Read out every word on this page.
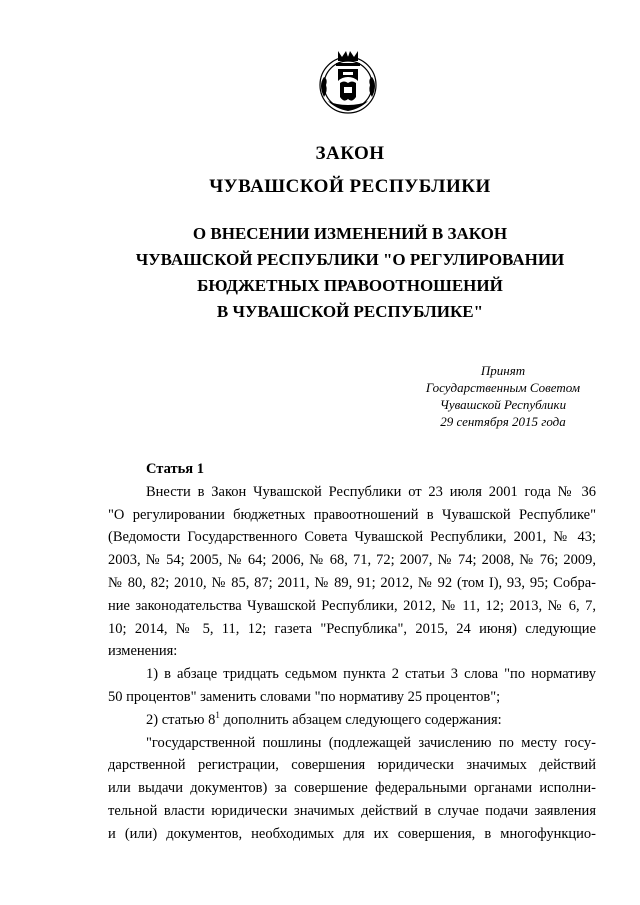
ЗАКОН
ЧУВАШСКОЙ РЕСПУБЛИКИ
О ВНЕСЕНИИ ИЗМЕНЕНИЙ В ЗАКОН
ЧУВАШСКОЙ РЕСПУБЛИКИ "О РЕГУЛИРОВАНИИ
БЮДЖЕТНЫХ ПРАВООТНОШЕНИЙ
В ЧУВАШСКОЙ РЕСПУБЛИКЕ"
Принят
Государственным Советом
Чувашской Республики
29 сентября 2015 года
Статья 1
Внести в Закон Чувашской Республики от 23 июля 2001 года № 36
"О регулировании бюджетных правоотношений в Чувашской Республике"
(Ведомости Государственного Совета Чувашской Республики, 2001, № 43;
2003, № 54; 2005, № 64; 2006, № 68, 71, 72; 2007, № 74; 2008, № 76; 2009,
№ 80, 82; 2010, № 85, 87; 2011, № 89, 91; 2012, № 92 (том I), 93, 95; Собра-
ние законодательства Чувашской Республики, 2012, № 11, 12; 2013, № 6, 7,
10; 2014, № 5, 11, 12; газета "Республика", 2015, 24 июня) следующие
изменения:
1) в абзаце тридцать седьмом пункта 2 статьи 3 слова "по нормативу
50 процентов" заменить словами "по нормативу 25 процентов";
2) статью $8^1$ дополнить абзацем следующего содержания:
"государственной пошлины (подлежащей зачислению по месту госу-
дарственной регистрации, совершения юридически значимых действий
или выдачи документов) за совершение федеральными органами исполни-
тельной власти юридически значимых действий в случае подачи заявления
и (или) документов, необходимых для их совершения, в многофункцио-
